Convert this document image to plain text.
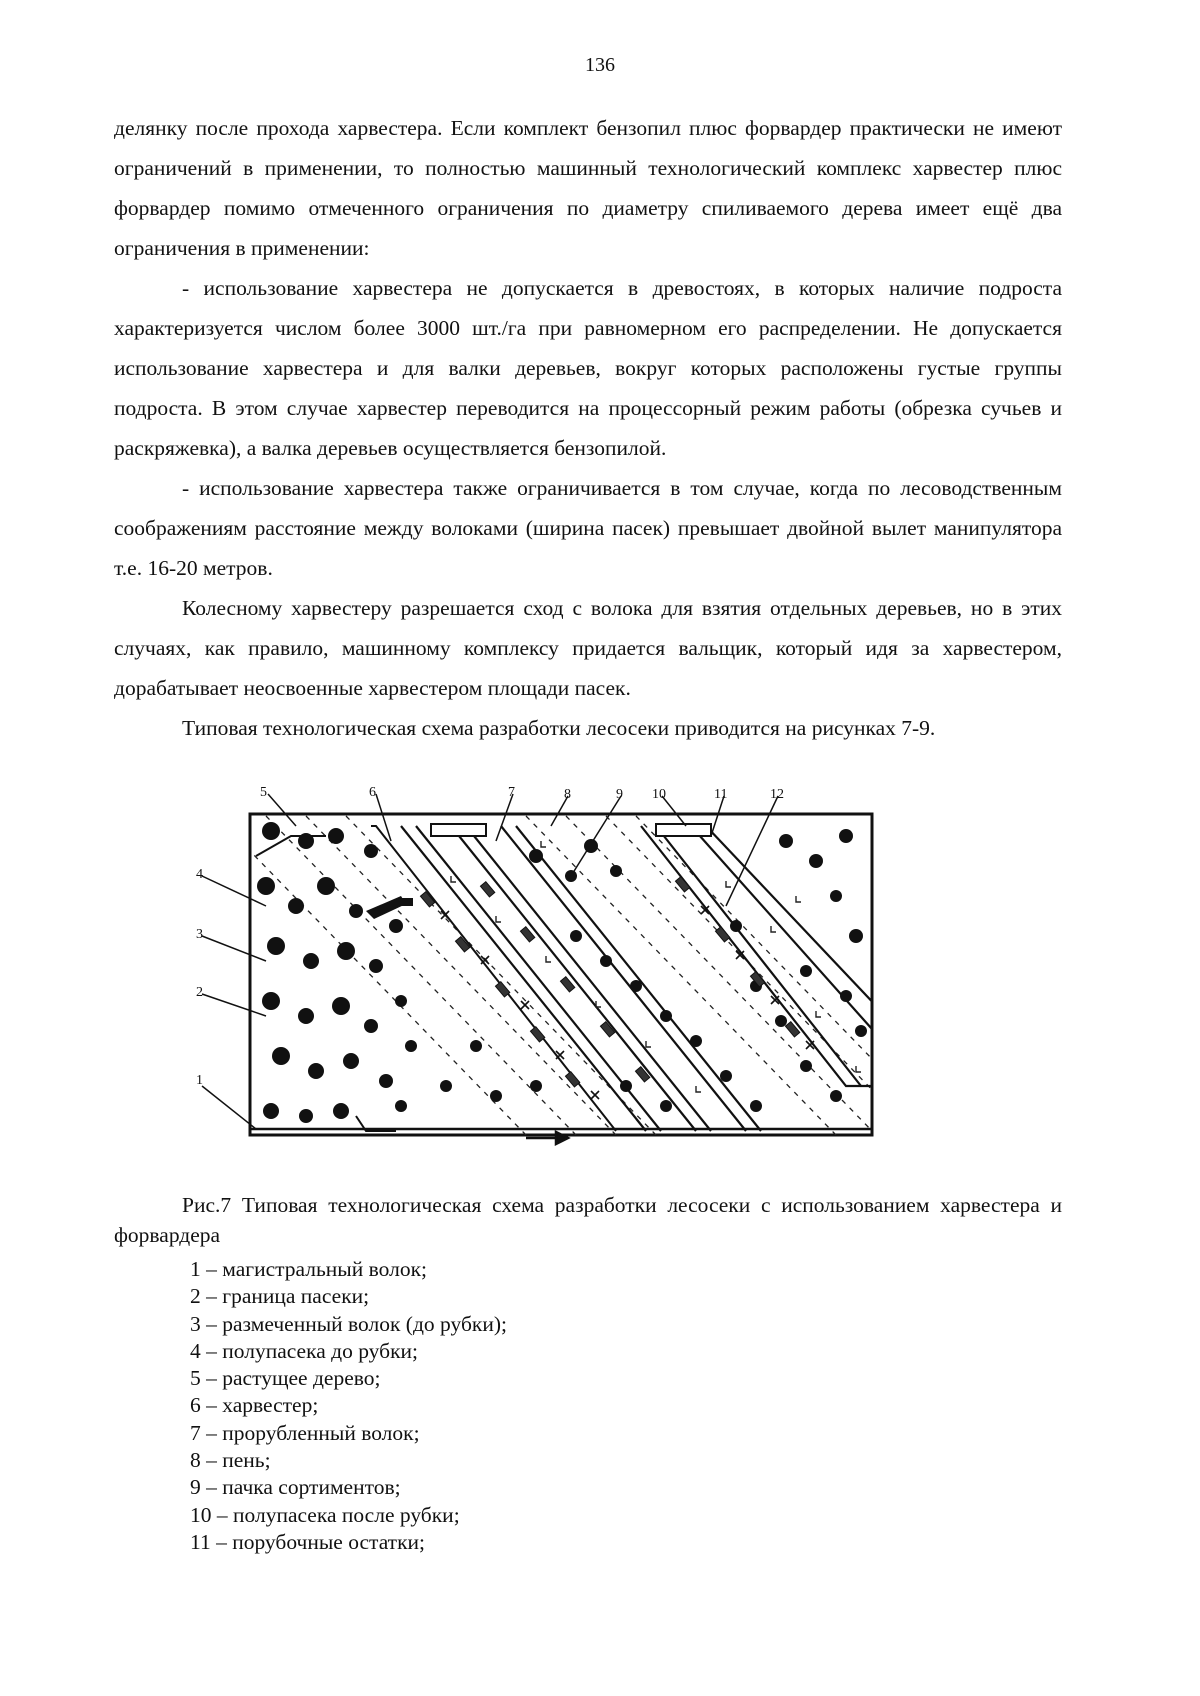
136

делянку после прохода харвестера. Если комплект бензопил плюс форвардер практически не имеют ограничений в применении, то полностью машинный технологический комплекс харвестер плюс форвардер помимо отмеченного ограничения по диаметру спиливаемого дерева имеет ещё два ограничения в применении:

- использование харвестера не допускается в древостоях, в которых наличие подроста характеризуется числом более 3000 шт./га при равномерном его распределении. Не допускается использование харвестера и для валки деревьев, вокруг которых расположены густые группы подроста. В этом случае харвестер переводится на процессорный режим работы (обрезка сучьев и раскряжевка), а валка деревьев осуществляется бензопилой.

- использование харвестера также ограничивается в том случае, когда по лесоводственным соображениям расстояние между волоками (ширина пасек) превышает двойной вылет манипулятора т.е. 16-20 метров.

Колесному харвестеру разрешается сход с волока для взятия отдельных деревьев, но в этих случаях, как правило, машинному комплексу придается вальщик, который идя за харвестером, дорабатывает неосвоенные харвестером площади пасек.

Типовая технологическая схема разработки лесосеки приводится на рисунках 7-9.

5	6	7	8	9 10	11	12
4
3
2
1
Рис.7 Типовая технологическая схема разработки лесосеки с использованием харвестера и форвардера
1 – магистральный волок;
2 – граница пасеки;
3 – размеченный волок (до рубки);
4 – полупасека до рубки;
5 – растущее дерево;
6 – харвестер;
7 – прорубленный волок;
8 – пень;
9 – пачка сортиментов;
10 – полупасека после рубки;
11 – порубочные остатки;
